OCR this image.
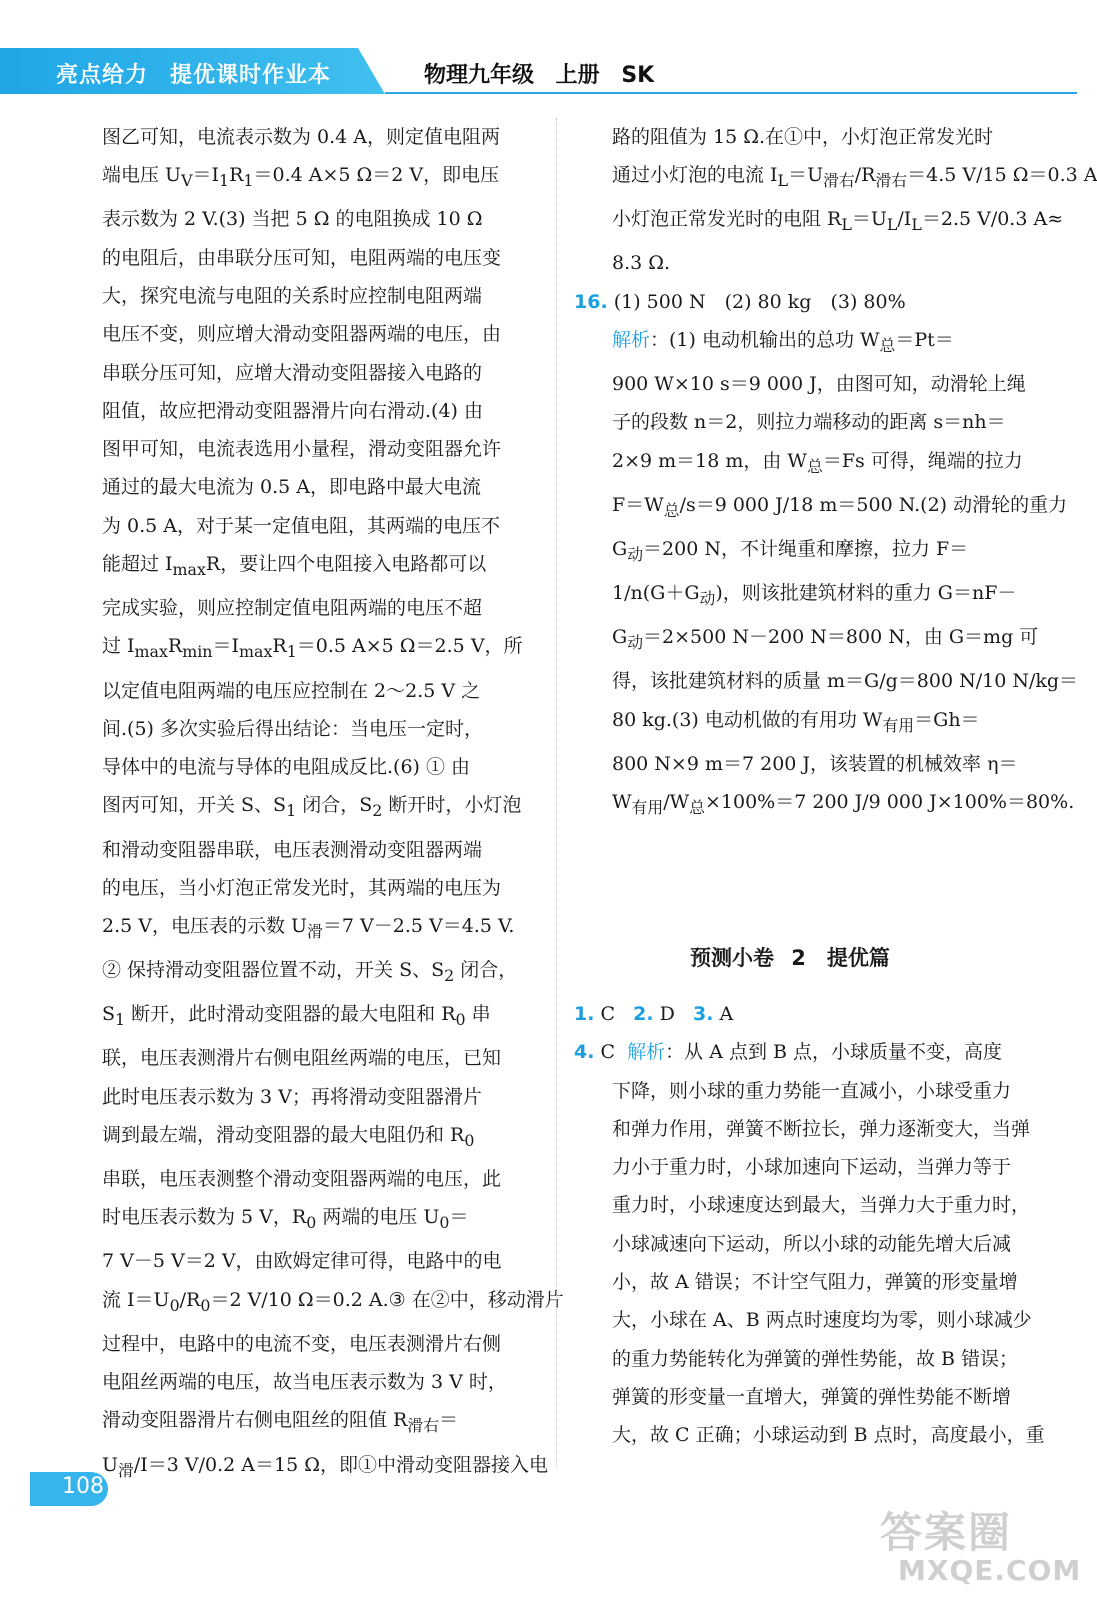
亮点给力 提优课时作业本	物理九年级 上册 SK

图乙可知，电流表示数为 0.4 A，则定值电阻两

端电压 $U_V=I_1R_1=0.4$ A×5 Ω＝2 V，即电压

表示数为 2 V.(3) 当把 5 Ω 的电阻换成 10 Ω

的电阻后，由串联分压可知，电阻两端的电压变

大，探究电流与电阻的关系时应控制电阻两端

电压不变，则应增大滑动变阻器两端的电压，由

串联分压可知，应增大滑动变阻器接入电路的

阻值，故应把滑动变阻器滑片向右滑动.(4) 由

图甲可知，电流表选用小量程，滑动变阻器允许

通过的最大电流为 0.5 A，即电路中最大电流

为 0.5 A，对于某一定值电阻，其两端的电压不

能超过 $I_{max}R$，要让四个电阻接入电路都可以

完成实验，则应控制定值电阻两端的电压不超

过 $I_{max}R_{min}=I_{max}R_1=0.5$ A×5 Ω＝2.5 V，所

以定值电阻两端的电压应控制在 2～2.5 V 之

间.(5) 多次实验后得出结论：当电压一定时，

导体中的电流与导体的电阻成反比.(6) ① 由

图丙可知，开关 S、$S_1$ 闭合，$S_2$ 断开时，小灯泡

和滑动变阻器串联，电压表测滑动变阻器两端

的电压，当小灯泡正常发光时，其两端的电压为

2.5 V，电压表的示数 $U_滑=7$ V－2.5 V＝4.5 V.

② 保持滑动变阻器位置不动，开关 S、$S_2$ 闭合，

$S_1$ 断开，此时滑动变阻器的最大电阻和 $R_0$ 串

联，电压表测滑片右侧电阻丝两端的电压，已知

此时电压表示数为 3 V；再将滑动变阻器滑片

调到最左端，滑动变阻器的最大电阻仍和 $R_0$

串联，电压表测整个滑动变阻器两端的电压，此

时电压表示数为 5 V，$R_0$ 两端的电压 $U_0=$

7 V－5 V＝2 V，由欧姆定律可得，电路中的电

流 $I=U_0/R_0=2$ V/10 Ω＝0.2 A.③ 在②中，移动滑片

过程中，电路中的电流不变，电压表测滑片右侧

电阻丝两端的电压，故当电压表示数为 3 V 时，

滑动变阻器滑片右侧电阻丝的阻值 $R_{滑右}=$

$U_滑/I=3$ V/0.2 A＝15 Ω，即①中滑动变阻器接入电

路的阻值为 15 Ω.在①中，小灯泡正常发光时

通过小灯泡的电流 $I_L=U_{滑右}/R_{滑右}=4.5$ V/15 Ω＝0.3 A

小灯泡正常发光时的电阻 $R_L=U_L/I_L=2.5$ V/0.3 A≈

8.3 Ω.

16. (1) 500 N　(2) 80 kg　(3) 80%

解析：(1) 电动机输出的总功 $W_总=Pt=$

900 W×10 s＝9 000 J，由图可知，动滑轮上绳

子的段数 n＝2，则拉力端移动的距离 s＝nh＝

2×9 m＝18 m，由 $W_总=Fs$ 可得，绳端的拉力

$F=W_总/s=9$ 000 J/18 m＝500 N.(2) 动滑轮的重力

$G_动=200$ N，不计绳重和摩擦，拉力 F＝

$1/n(G+G_动)$，则该批建筑材料的重力 G＝nF－

$G_动=2\times 500$ N－200 N＝800 N，由 G＝mg 可

得，该批建筑材料的质量 m＝G/g＝800 N/10 N/kg＝

80 kg.(3) 电动机做的有用功 $W_{有用}=Gh=$

800 N×9 m＝7 200 J，该装置的机械效率 η＝

$W_{有用}/W_总\times 100\%=7$ 200 J/9 000 J×100%＝80%.

预测小卷 2　提优篇

1. C 2. D 3. A

4. C 解析：从 A 点到 B 点，小球质量不变，高度

下降，则小球的重力势能一直减小，小球受重力

和弹力作用，弹簧不断拉长，弹力逐渐变大，当弹

力小于重力时，小球加速向下运动，当弹力等于

重力时，小球速度达到最大，当弹力大于重力时，

小球减速向下运动，所以小球的动能先增大后减

小，故 A 错误；不计空气阻力，弹簧的形变量增

大，小球在 A、B 两点时速度均为零，则小球减少

的重力势能转化为弹簧的弹性势能，故 B 错误；

弹簧的形变量一直增大，弹簧的弹性势能不断增

大，故 C 正确；小球运动到 B 点时，高度最小，重

108
答案圈
MXQE.COM
